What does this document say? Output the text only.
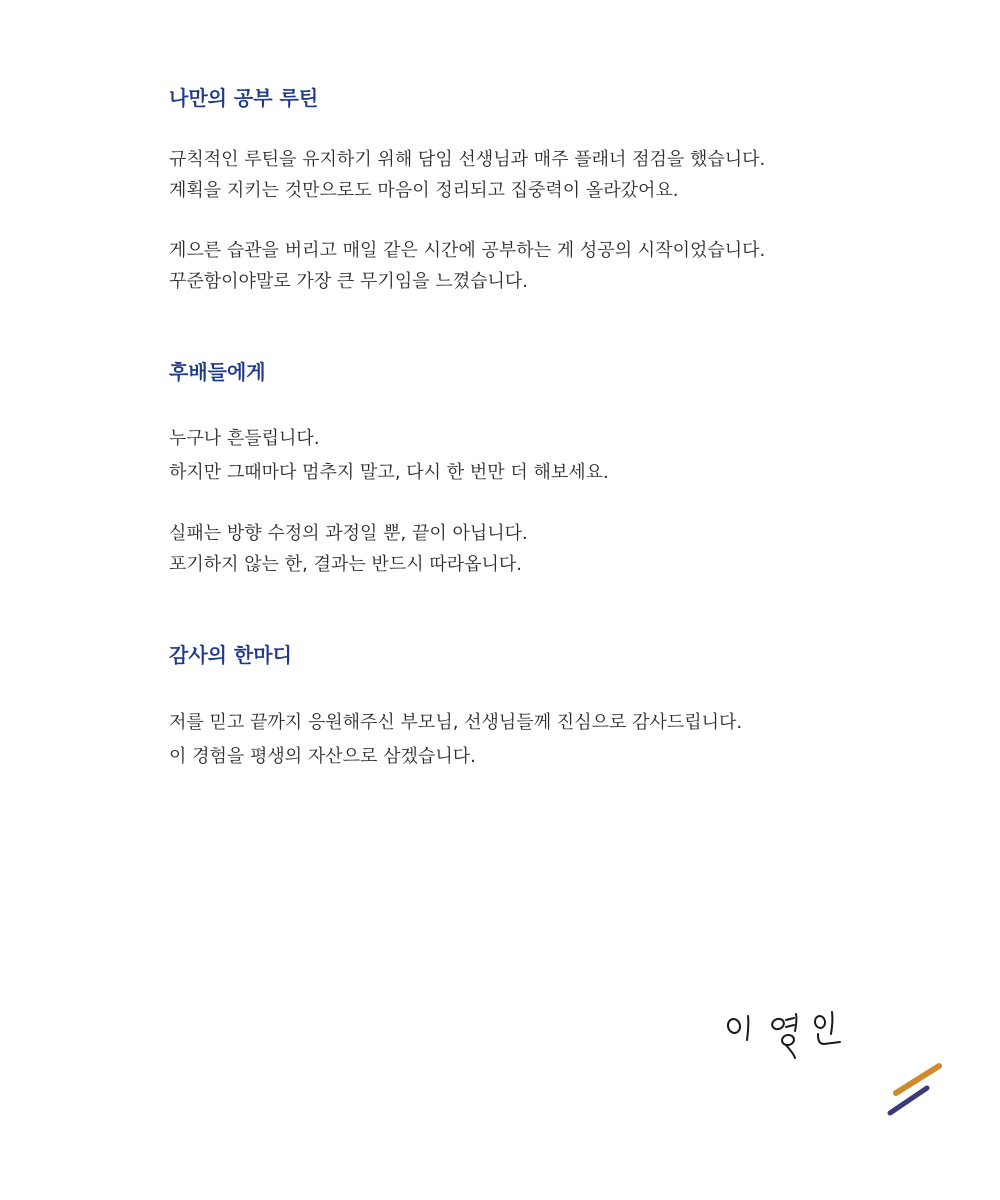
나만의 공부 루틴

규칙적인 루틴을 유지하기 위해 담임 선생님과 매주 플래너 점검을 했습니다.
계획을 지키는 것만으로도 마음이 정리되고 집중력이 올라갔어요.

게으른 습관을 버리고 매일 같은 시간에 공부하는 게 성공의 시작이었습니다.
꾸준함이야말로 가장 큰 무기임을 느꼈습니다.

후배들에게

누구나 흔들립니다.
하지만 그때마다 멈추지 말고, 다시 한 번만 더 해보세요.

실패는 방향 수정의 과정일 뿐, 끝이 아닙니다.
포기하지 않는 한, 결과는 반드시 따라옵니다.

감사의 한마디

저를 믿고 끝까지 응원해주신 부모님, 선생님들께 진심으로 감사드립니다.
이 경험을 평생의 자산으로 삼겠습니다.
